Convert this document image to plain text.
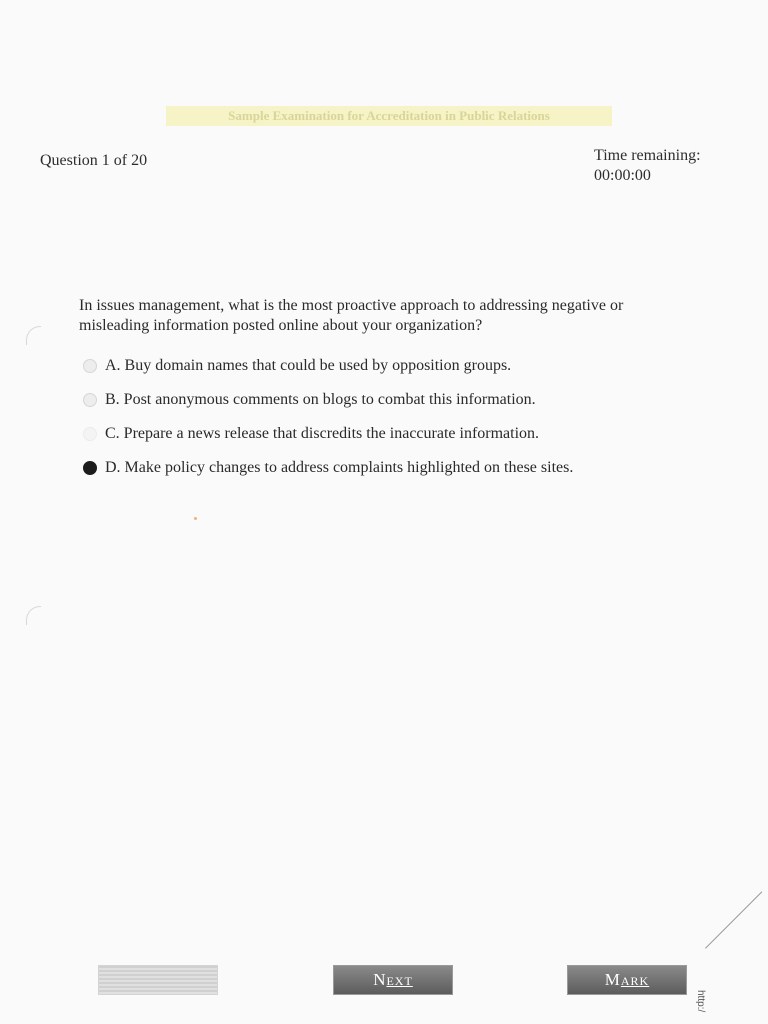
Sample Examination for Accreditation in Public Relations
Question 1 of 20	Time remaining:
00:00:00
In issues management, what is the most proactive approach to addressing negative or
misleading information posted online about your organization?
A. Buy domain names that could be used by opposition groups.
B. Post anonymous comments on blogs to combat this information.
C. Prepare a news release that discredits the inaccurate information.
D. Make policy changes to address complaints highlighted on these sites.
NEXT	MARK
http:/
